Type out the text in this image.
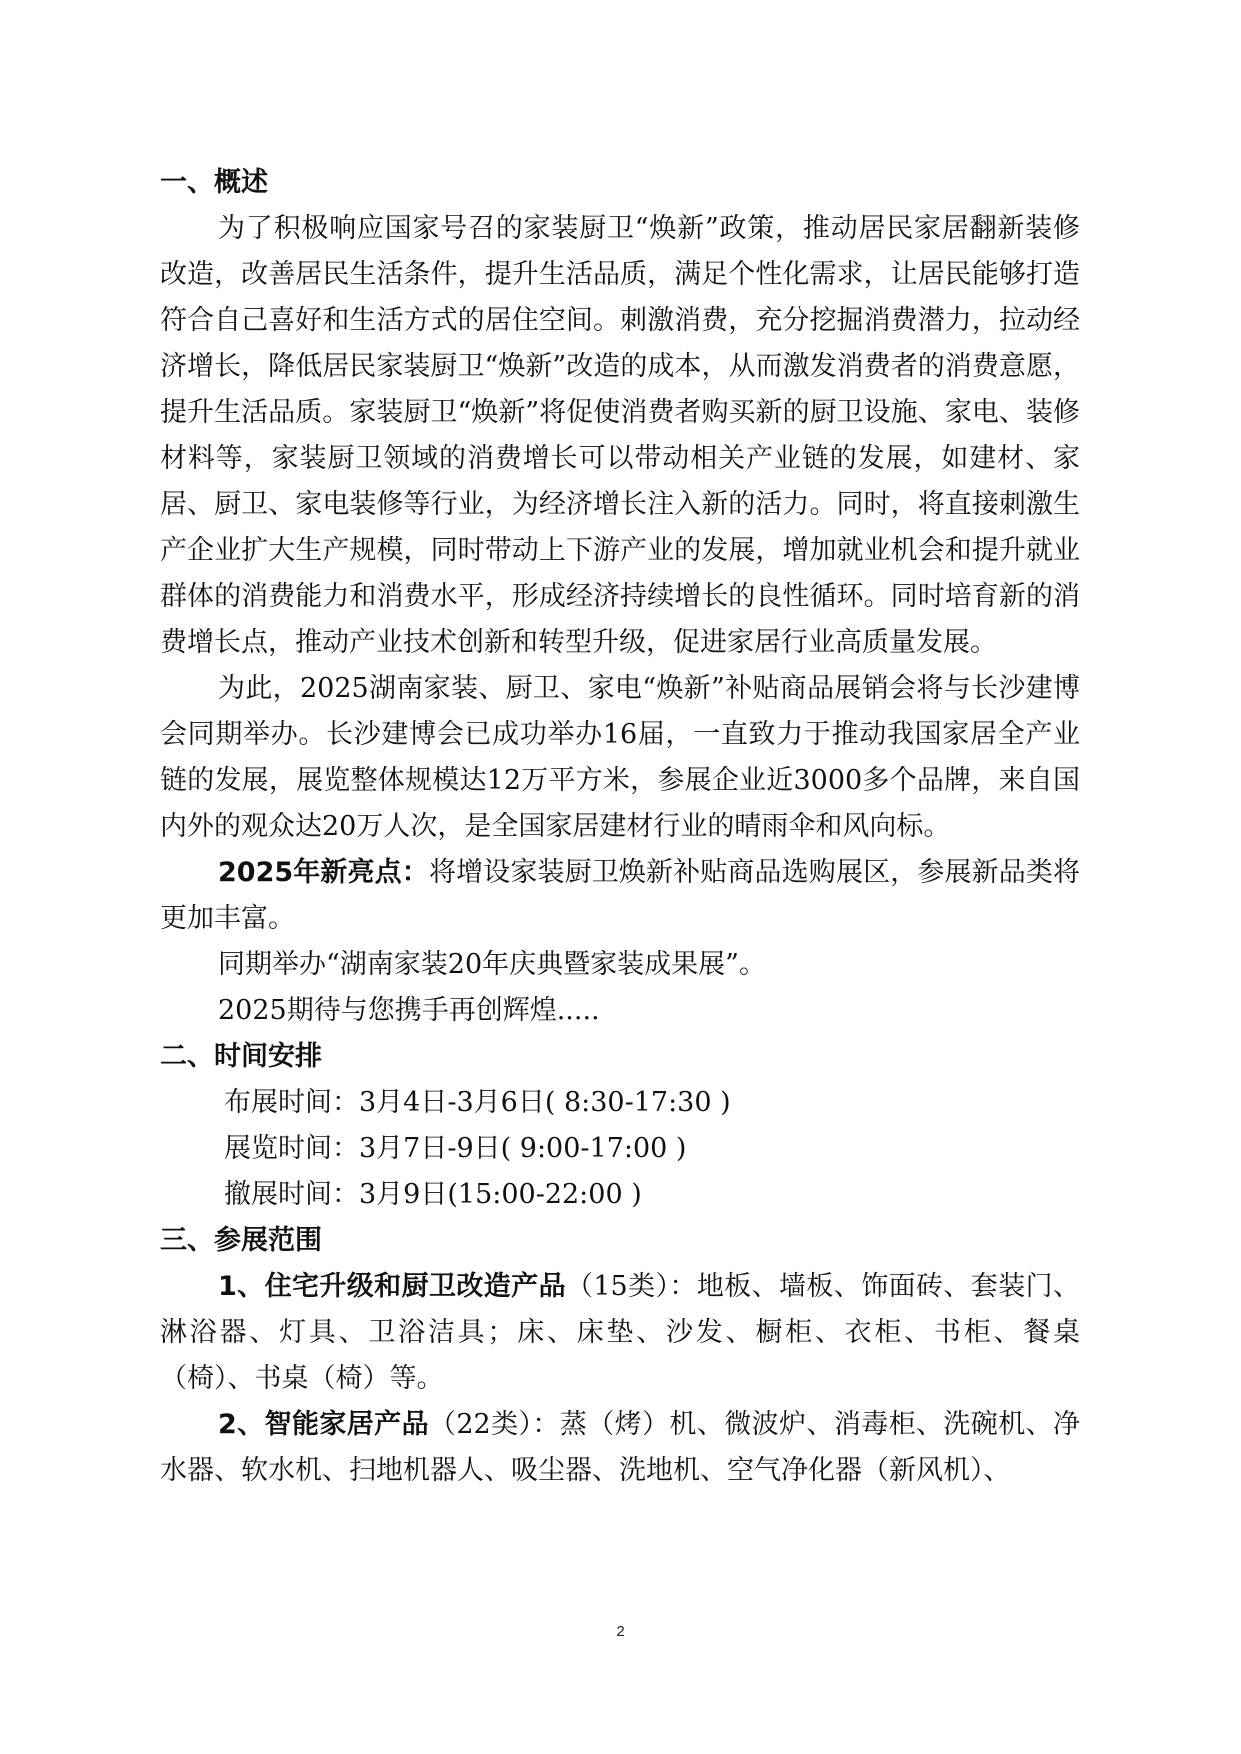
一、概述

为了积极响应国家号召的家装厨卫“焕新”政策，推动居民家居翻新装修改造，改善居民生活条件，提升生活品质，满足个性化需求，让居民能够打造符合自己喜好和生活方式的居住空间。刺激消费，充分挖掘消费潜力，拉动经济增长，降低居民家装厨卫“焕新”改造的成本，从而激发消费者的消费意愿，提升生活品质。家装厨卫“焕新”将促使消费者购买新的厨卫设施、家电、装修材料等，家装厨卫领域的消费增长可以带动相关产业链的发展，如建材、家居、厨卫、家电装修等行业，为经济增长注入新的活力。同时，将直接刺激生产企业扩大生产规模，同时带动上下游产业的发展，增加就业机会和提升就业群体的消费能力和消费水平，形成经济持续增长的良性循环。同时培育新的消费增长点，推动产业技术创新和转型升级，促进家居行业高质量发展。

为此，2025湖南家装、厨卫、家电“焕新”补贴商品展销会将与长沙建博会同期举办。长沙建博会已成功举办16届，一直致力于推动我国家居全产业链的发展，展览整体规模达12万平方米，参展企业近3000多个品牌，来自国内外的观众达20万人次，是全国家居建材行业的晴雨伞和风向标。

2025年新亮点：将增设家装厨卫焕新补贴商品选购展区，参展新品类将更加丰富。

同期举办“湖南家装20年庆典暨家装成果展”。

2025期待与您携手再创辉煌.....

二、时间安排
布展时间：3月4日-3月6日( 8:30-17:30 )
展览时间：3月7日-9日( 9:00-17:00 )
撤展时间：3月9日(15:00-22:00 )
三、参展范围

1、住宅升级和厨卫改造产品（15类）：地板、墙板、饰面砖、套装门、淋浴器、灯具、卫浴洁具；床、床垫、沙发、橱柜、衣柜、书柜、餐桌（椅）、书桌（椅）等。

2、智能家居产品（22类）：蒸（烤）机、微波炉、消毒柜、洗碗机、净水器、软水机、扫地机器人、吸尘器、洗地机、空气净化器（新风机）、

2
